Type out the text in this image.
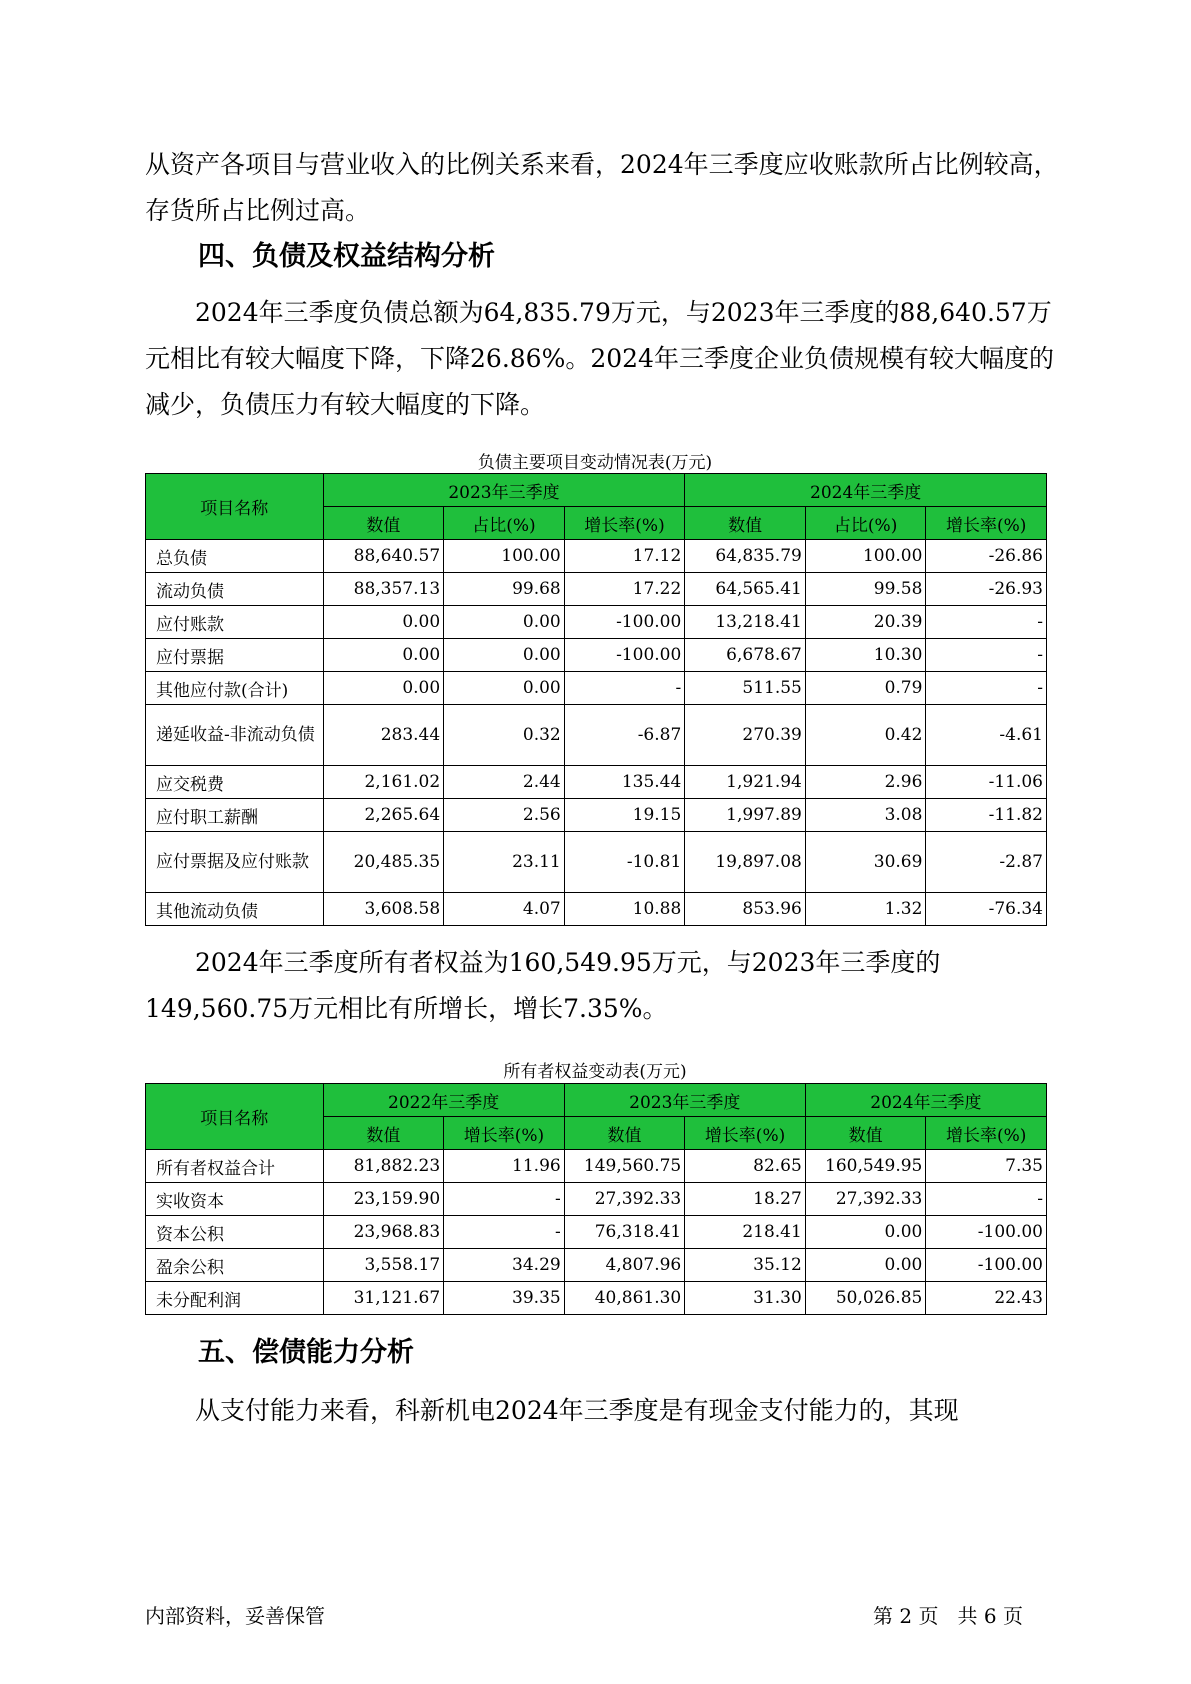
从资产各项目与营业收入的比例关系来看，2024年三季度应收账款所占比例较高，存货所占比例过高。

四、负债及权益结构分析

2024年三季度负债总额为64,835.79万元，与2023年三季度的88,640.57万元相比有较大幅度下降，下降26.86%。2024年三季度企业负债规模有较大幅度的减少，负债压力有较大幅度的下降。

负债主要项目变动情况表(万元)
项目名称	2023年三季度			2024年三季度		
	数值	占比(%)	增长率(%)	数值	占比(%)	增长率(%)
总负债	88,640.57	100.00	17.12	64,835.79	100.00	-26.86
流动负债	88,357.13	99.68	17.22	64,565.41	99.58	-26.93
应付账款	0.00	0.00	-100.00	13,218.41	20.39	-
应付票据	0.00	0.00	-100.00	6,678.67	10.30	-
其他应付款(合计)	0.00	0.00	-	511.55	0.79	-
递延收益-非流动负债	283.44	0.32	-6.87	270.39	0.42	-4.61
应交税费	2,161.02	2.44	135.44	1,921.94	2.96	-11.06
应付职工薪酬	2,265.64	2.56	19.15	1,997.89	3.08	-11.82
应付票据及应付账款	20,485.35	23.11	-10.81	19,897.08	30.69	-2.87
其他流动负债	3,608.58	4.07	10.88	853.96	1.32	-76.34

2024年三季度所有者权益为160,549.95万元，与2023年三季度的149,560.75万元相比有所增长，增长7.35%。

所有者权益变动表(万元)
项目名称	2022年三季度		2023年三季度		2024年三季度	
	数值	增长率(%)	数值	增长率(%)	数值	增长率(%)
所有者权益合计	81,882.23	11.96	149,560.75	82.65	160,549.95	7.35
实收资本	23,159.90	-	27,392.33	18.27	27,392.33	-
资本公积	23,968.83	-	76,318.41	218.41	0.00	-100.00
盈余公积	3,558.17	34.29	4,807.96	35.12	0.00	-100.00
未分配利润	31,121.67	39.35	40,861.30	31.30	50,026.85	22.43
五、偿债能力分析

从支付能力来看，科新机电2024年三季度是有现金支付能力的，其现

内部资料，妥善保管	第 2 页   共 6 页
